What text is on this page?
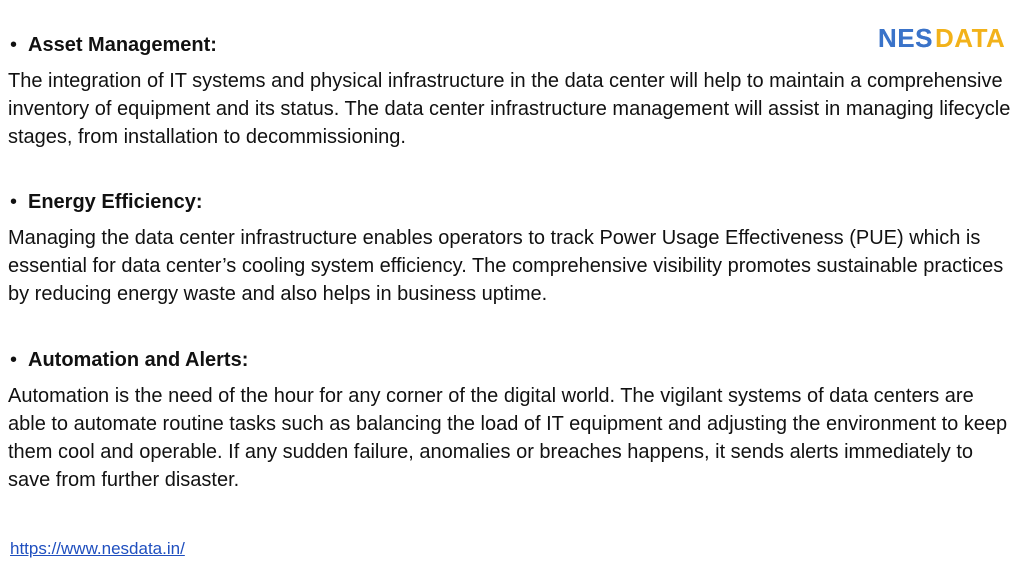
NES DATA
• Asset Management:
The integration of IT systems and physical infrastructure in the data center will help to maintain a comprehensive inventory of equipment and its status. The data center infrastructure management will assist in managing lifecycle stages, from installation to decommissioning.
• Energy Efficiency:
Managing the data center infrastructure enables operators to track Power Usage Effectiveness (PUE) which is essential for data center’s cooling system efficiency. The comprehensive visibility promotes sustainable practices by reducing energy waste and also helps in business uptime.
• Automation and Alerts:
Automation is the need of the hour for any corner of the digital world. The vigilant systems of data centers are able to automate routine tasks such as balancing the load of IT equipment and adjusting the environment to keep them cool and operable. If any sudden failure, anomalies or breaches happens, it sends alerts immediately to save from further disaster.
https://www.nesdata.in/
